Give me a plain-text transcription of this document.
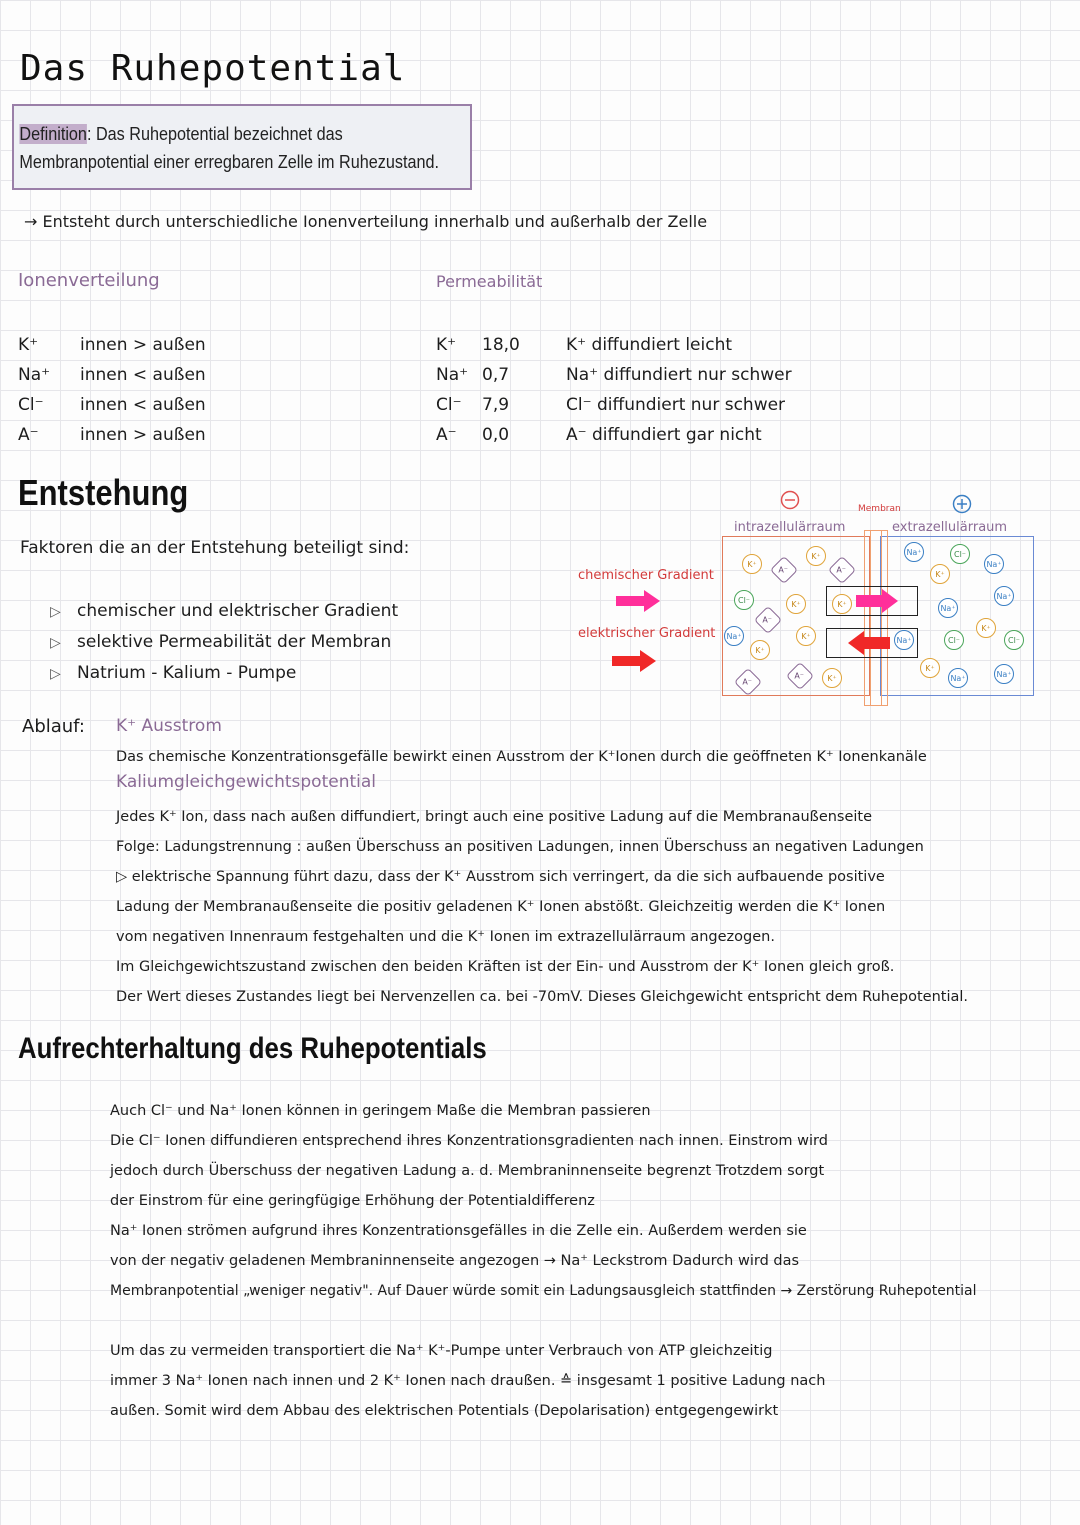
Das Ruhepotential
Definition: Das Ruhepotential bezeichnet das
Membranpotential einer erregbaren Zelle im Ruhezustand.
→ Entsteht durch unterschiedliche Ionenverteilung innerhalb und außerhalb der Zelle
Ionenverteilung
K⁺ innen > außen
Na⁺ innen < außen
Cl⁻ innen < außen
A⁻ innen > außen
Permeabilität
K⁺ 18,0	K⁺ diffundiert leicht
Na⁺ 0,7	Na⁺ diffundiert nur schwer
Cl⁻ 7,9	Cl⁻ diffundiert nur schwer
A⁻ 0,0	A⁻ diffundiert gar nicht
Entstehung
Faktoren die an der Entstehung beteiligt sind:
▷ chemischer und elektrischer Gradient
▷ selektive Permeabilität der Membran
▷ Natrium - Kalium - Pumpe
chemischer Gradient
elektrischer Gradient
Membran
intrazellulärraum	extrazellulärraum
K⁺
A⁻
K⁺
A⁻
Cl⁻	K⁺
A⁻
Na⁺
K⁺
K⁺
A⁻
A⁻	K⁺
K⁺
Na⁺	Cl⁻
Na⁺
K⁺
Na⁺
Na⁺
Na⁺	Cl⁻
K⁺
Cl⁻
K⁺
Na⁺	Na⁺
Ablauf: K⁺ Ausstrom
Das chemische Konzentrationsgefälle bewirkt einen Ausstrom der K⁺Ionen durch die geöffneten K⁺ Ionenkanäle
Kaliumgleichgewichtspotential
Jedes K⁺ Ion, dass nach außen diffundiert, bringt auch eine positive Ladung auf die Membranaußenseite
Folge: Ladungstrennung : außen Überschuss an positiven Ladungen, innen Überschuss an negativen Ladungen
▷ elektrische Spannung führt dazu, dass der K⁺ Ausstrom sich verringert, da die sich aufbauende positive
Ladung der Membranaußenseite die positiv geladenen K⁺ Ionen abstößt. Gleichzeitig werden die K⁺ Ionen
vom negativen Innenraum festgehalten und die K⁺ Ionen im extrazellulärraum angezogen.
Im Gleichgewichtszustand zwischen den beiden Kräften ist der Ein- und Ausstrom der K⁺ Ionen gleich groß.
Der Wert dieses Zustandes liegt bei Nervenzellen ca. bei -70mV. Dieses Gleichgewicht entspricht dem Ruhepotential.
Aufrechterhaltung des Ruhepotentials
Auch Cl⁻ und Na⁺ Ionen können in geringem Maße die Membran passieren
Die Cl⁻ Ionen diffundieren entsprechend ihres Konzentrationsgradienten nach innen. Einstrom wird
jedoch durch Überschuss der negativen Ladung a. d. Membraninnenseite begrenzt Trotzdem sorgt
der Einstrom für eine geringfügige Erhöhung der Potentialdifferenz
Na⁺ Ionen strömen aufgrund ihres Konzentrationsgefälles in die Zelle ein. Außerdem werden sie
von der negativ geladenen Membraninnenseite angezogen → Na⁺ Leckstrom Dadurch wird das
Membranpotential „weniger negativ". Auf Dauer würde somit ein Ladungsausgleich stattfinden → Zerstörung Ruhepotential
Um das zu vermeiden transportiert die Na⁺ K⁺-Pumpe unter Verbrauch von ATP gleichzeitig
immer 3 Na⁺ Ionen nach innen und 2 K⁺ Ionen nach draußen. ≙ insgesamt 1 positive Ladung nach
außen. Somit wird dem Abbau des elektrischen Potentials (Depolarisation) entgegengewirkt
